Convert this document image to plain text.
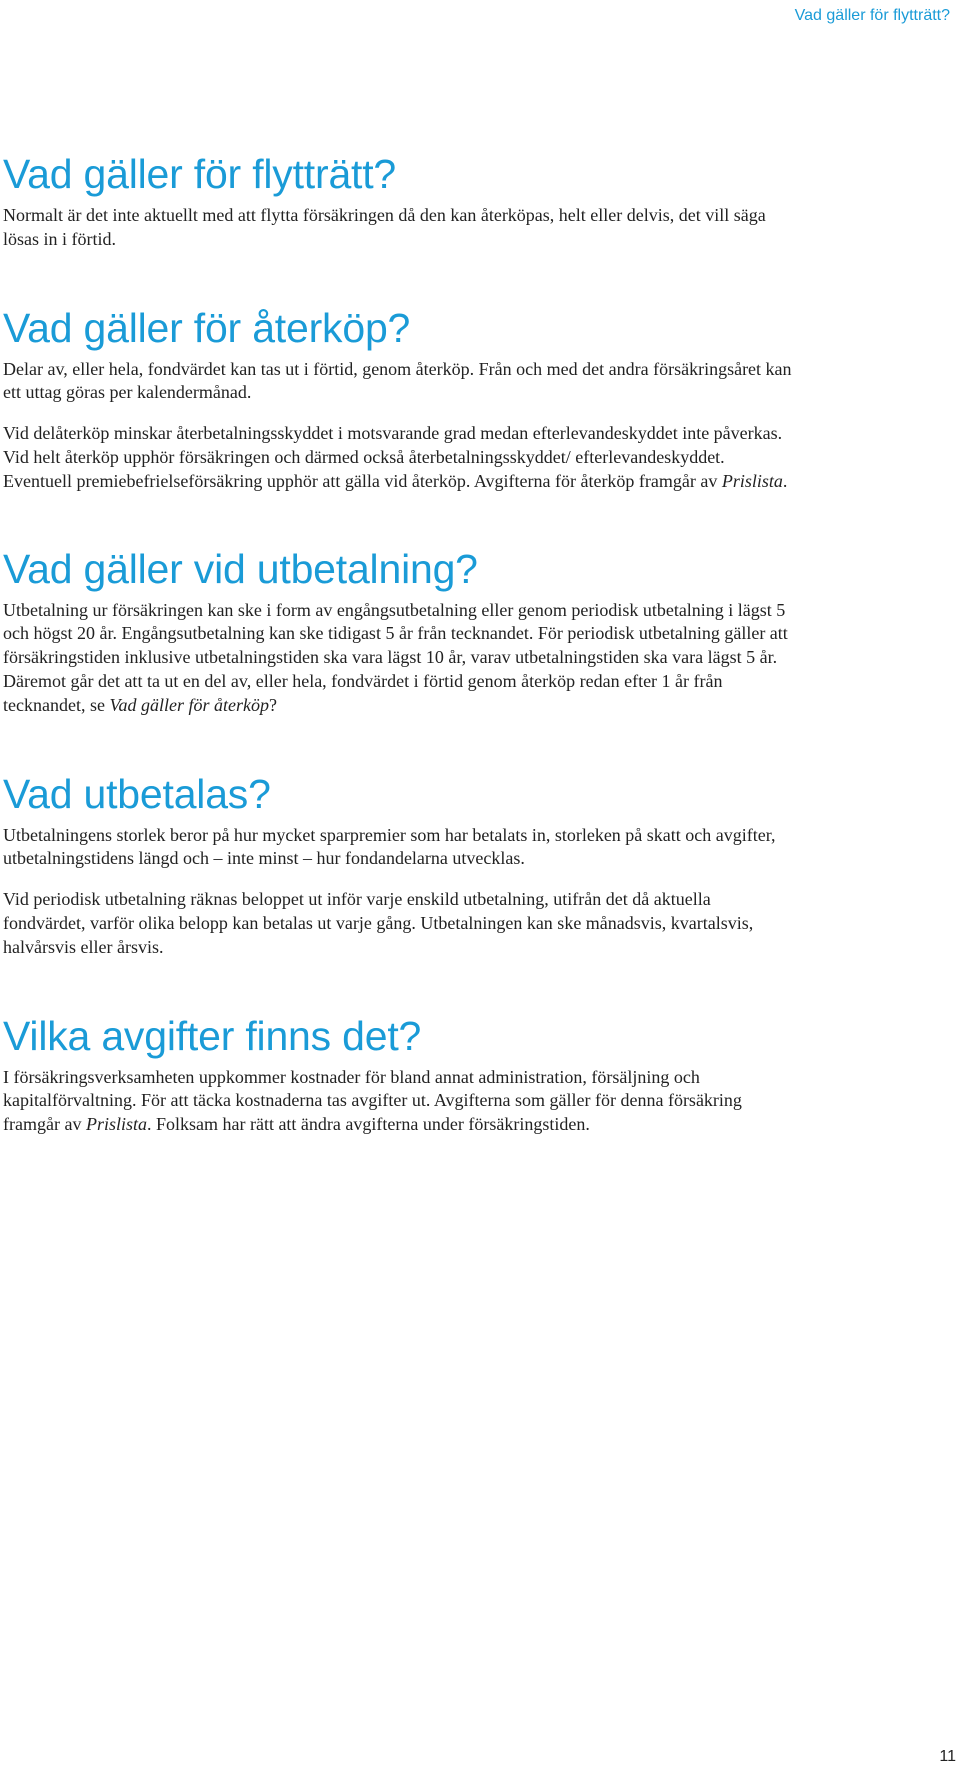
Vad gäller för flytträtt?

Vad gäller för flytträtt?

Normalt är det inte aktuellt med att flytta försäkringen då den kan återköpas, helt eller delvis, det vill säga lösas in i förtid.

Vad gäller för återköp?

Delar av, eller hela, fondvärdet kan tas ut i förtid, genom återköp. Från och med det andra försäkringsåret kan ett uttag göras per kalendermånad.

Vid delåterköp minskar återbetalningsskyddet i motsvarande grad medan efterlevandeskyddet inte påverkas. Vid helt återköp upphör försäkringen och därmed också återbetalningsskyddet/ efterlevandeskyddet. Eventuell premiebefrielseförsäkring upphör att gälla vid återköp. Avgifterna för återköp framgår av Prislista.

Vad gäller vid utbetalning?

Utbetalning ur försäkringen kan ske i form av engångsutbetalning eller genom periodisk utbetalning i lägst 5 och högst 20 år. Engångsutbetalning kan ske tidigast 5 år från tecknandet. För periodisk utbetalning gäller att försäkringstiden inklusive utbetalningstiden ska vara lägst 10 år, varav utbetalningstiden ska vara lägst 5 år. Däremot går det att ta ut en del av, eller hela, fondvärdet i förtid genom återköp redan efter 1 år från tecknandet, se Vad gäller för återköp?

Vad utbetalas?

Utbetalningens storlek beror på hur mycket sparpremier som har betalats in, storleken på skatt och avgifter, utbetalningstidens längd och – inte minst – hur fondandelarna utvecklas.

Vid periodisk utbetalning räknas beloppet ut inför varje enskild utbetalning, utifrån det då aktuella fondvärdet, varför olika belopp kan betalas ut varje gång. Utbetalningen kan ske månadsvis, kvartalsvis, halvårsvis eller årsvis.

Vilka avgifter finns det?

I försäkringsverksamheten uppkommer kostnader för bland annat administration, försäljning och kapitalförvaltning. För att täcka kostnaderna tas avgifter ut. Avgifterna som gäller för denna försäkring framgår av Prislista. Folksam har rätt att ändra avgifterna under försäkringstiden.

11
